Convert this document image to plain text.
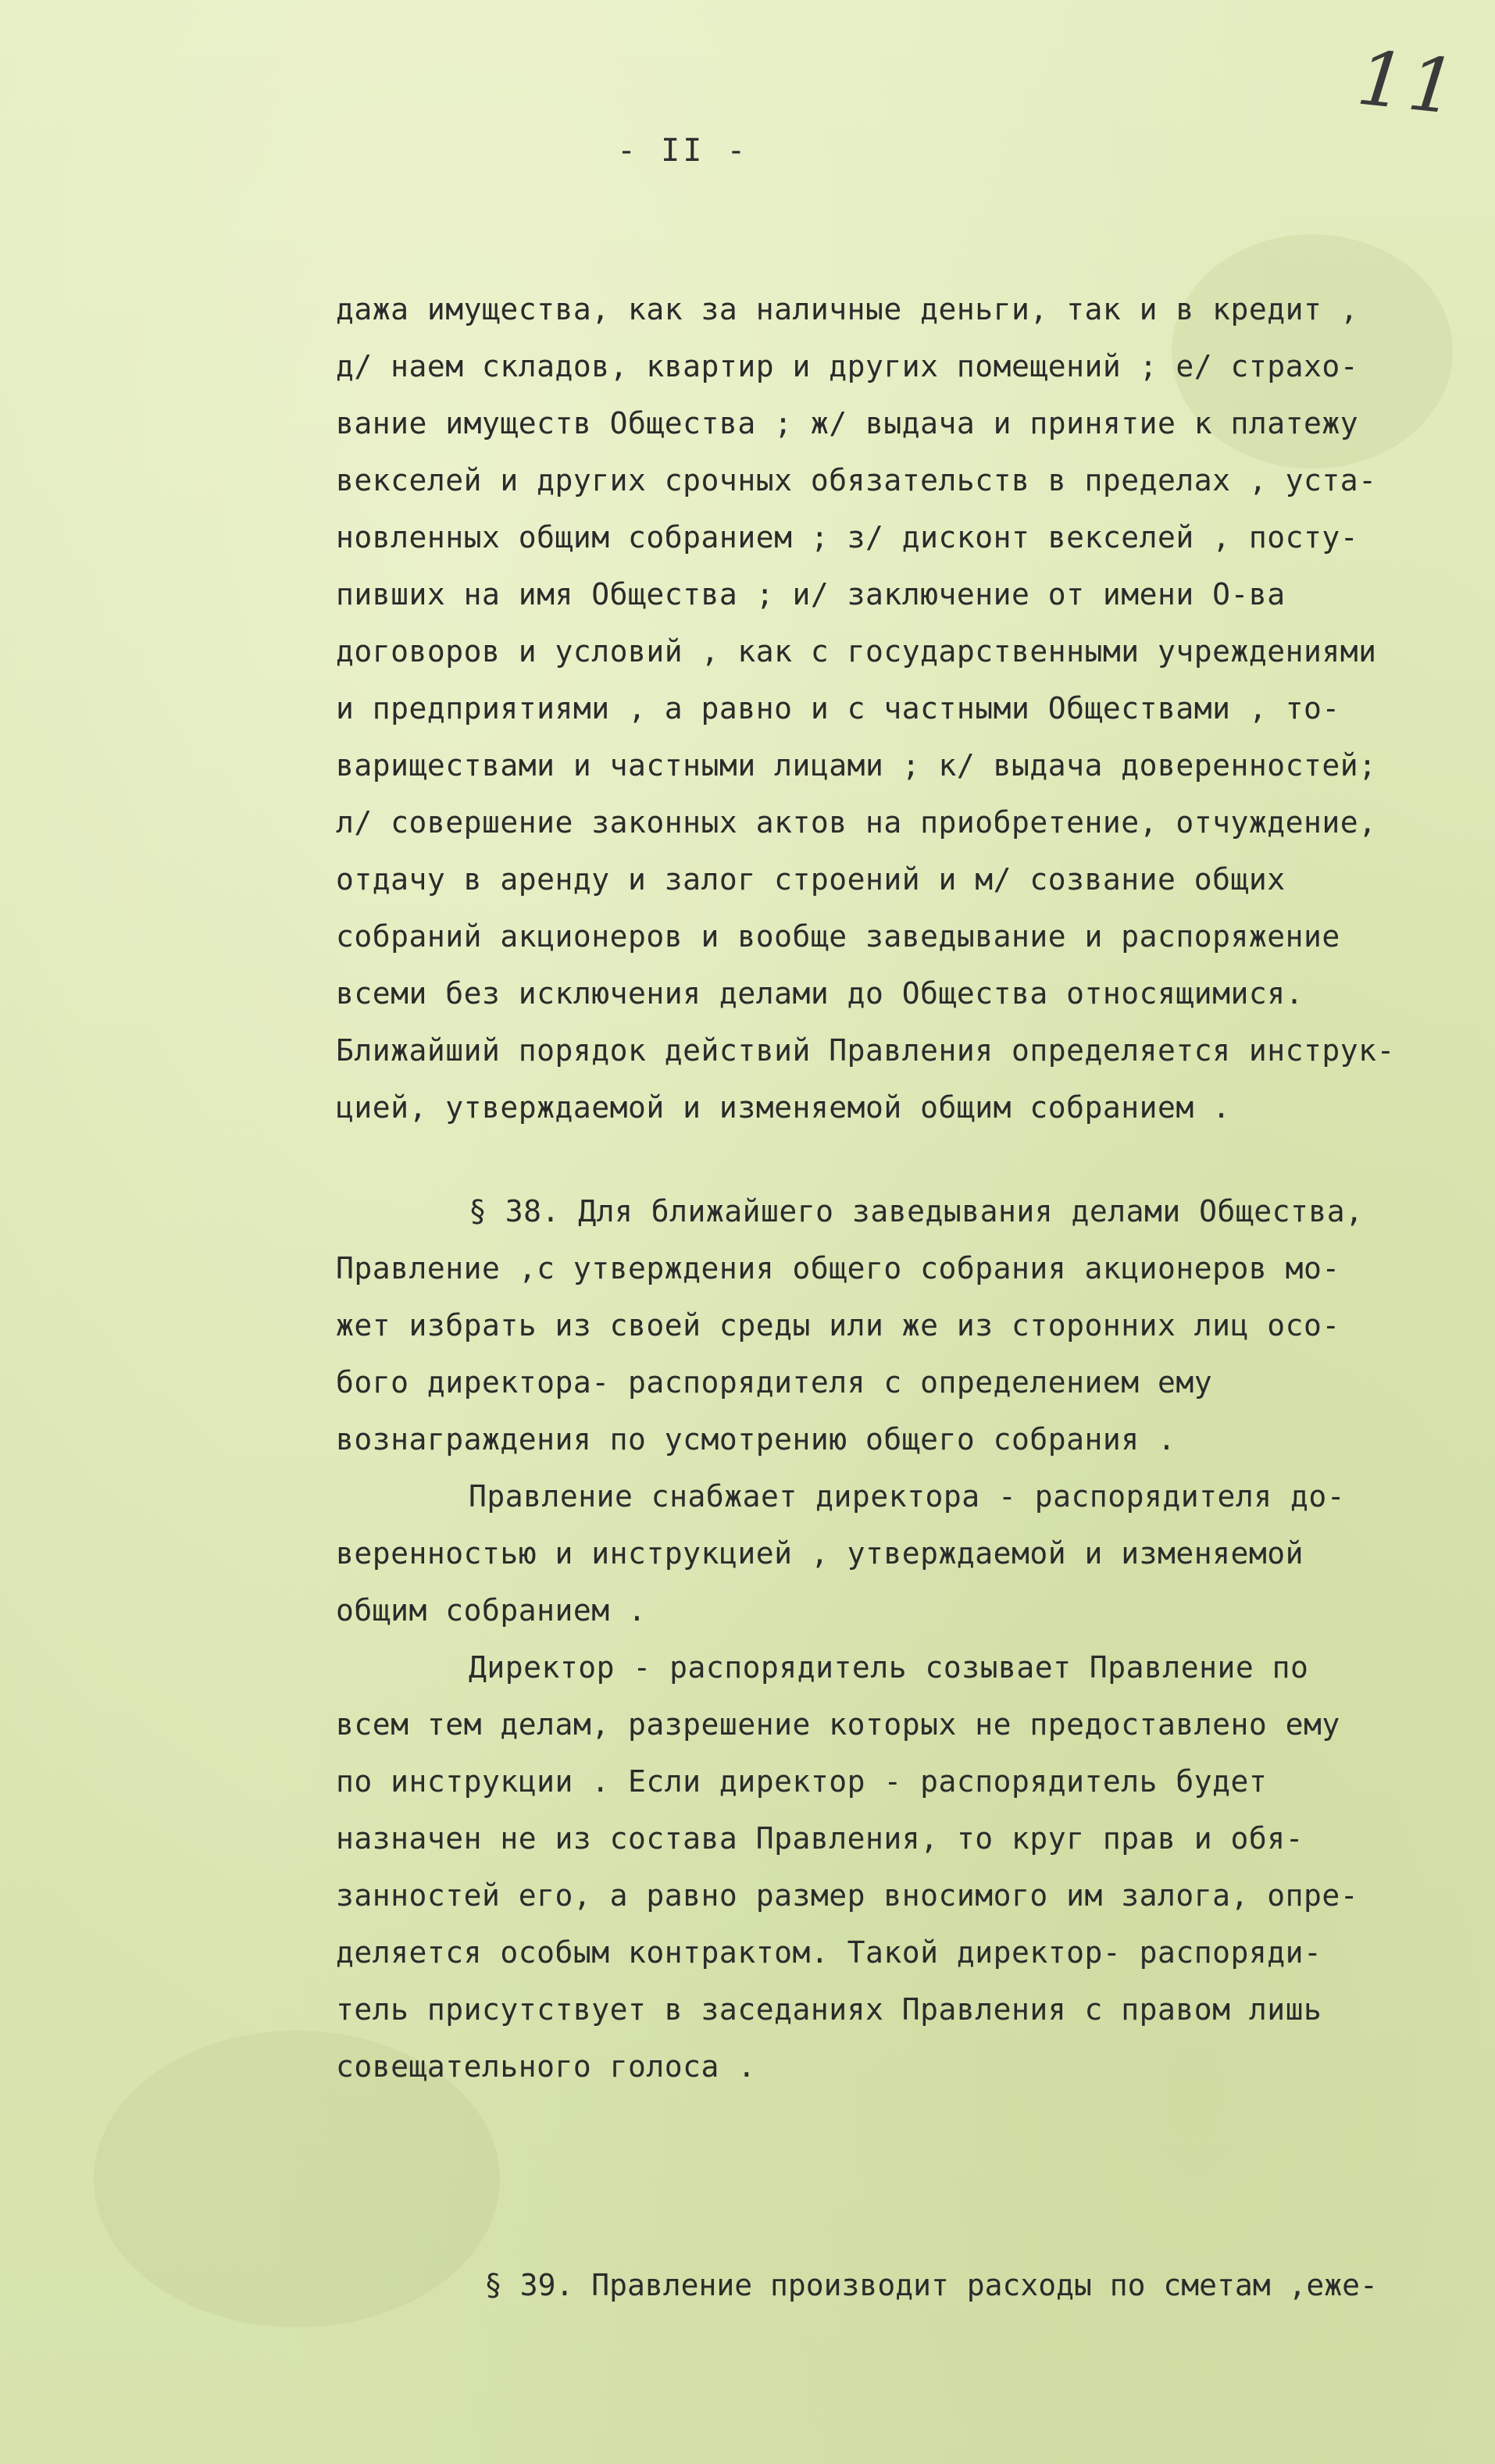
11
- II -
дажа имущества, как за наличные деньги, так и в кредит ,
д/ наем складов, квартир и других помещений ; е/ страхо-
вание имуществ Общества ; ж/ выдача и принятие к платежу
векселей и других срочных обязательств в пределах , уста-
новленных общим собранием ; з/ дисконт векселей , посту-
пивших на имя Общества ; и/ заключение от имени О-ва
договоров и условий , как с государственными учреждениями
и предприятиями , а равно и с частными Обществами , то-
вариществами и частными лицами ; к/ выдача доверенностей;
л/ совершение законных актов на приобретение, отчуждение,
отдачу в аренду и залог строений и м/ созвание общих
собраний акционеров и вообще заведывание и распоряжение
всеми без исключения делами до Общества относящимися.
Ближайший порядок действий Правления определяется инструк-
цией, утверждаемой и изменяемой общим собранием .
§ 38. Для ближайшего заведывания делами Общества,
Правление ,с утверждения общего собрания акционеров мо-
жет избрать из своей среды или же из сторонних лиц осо-
бого директора- распорядителя с определением ему
вознаграждения по усмотрению общего собрания .
Правление снабжает директора - распорядителя до-
веренностью и инструкцией , утверждаемой и изменяемой
общим собранием .
Директор - распорядитель созывает Правление по
всем тем делам, разрешение которых не предоставлено ему
по инструкции . Если директор - распорядитель будет
назначен не из состава Правления, то круг прав и обя-
занностей его, а равно размер вносимого им залога, опре-
деляется особым контрактом. Такой директор- распоряди-
тель присутствует в заседаниях Правления с правом лишь
совещательного голоса .
§ 39. Правление производит расходы по сметам ,еже-
